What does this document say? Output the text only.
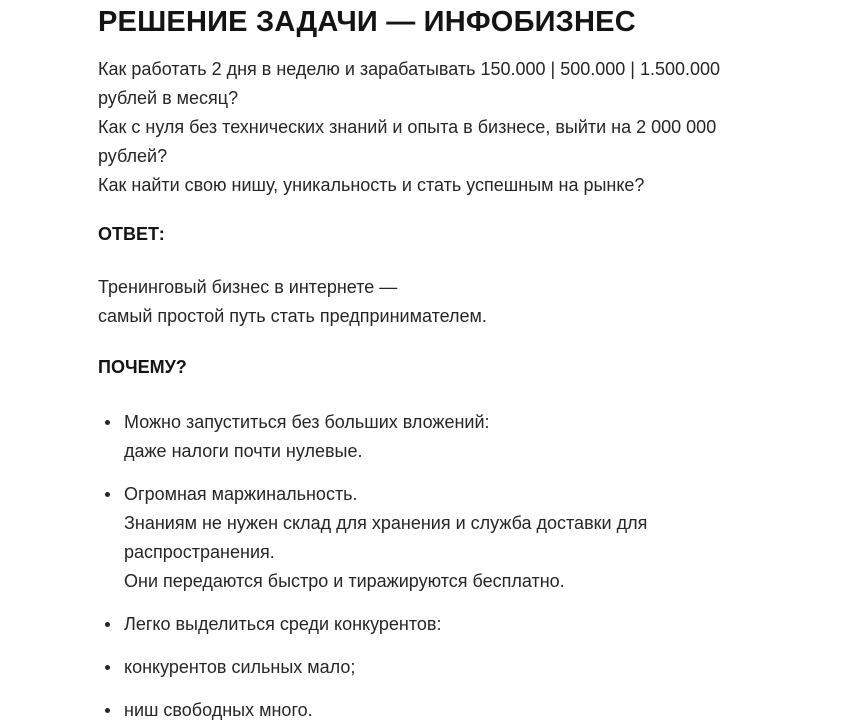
РЕШЕНИЕ ЗАДАЧИ — ИНФОБИЗНЕС
Как работать 2 дня в неделю и зарабатывать 150.000 | 500.000 | 1.500.000
рублей в месяц?
Как с нуля без технических знаний и опыта в бизнесе, выйти на 2 000 000
рублей?
Как найти свою нишу, уникальность и стать успешным на рынке?
ОТВЕТ:
Тренинговый бизнес в интернете —
самый простой путь стать предпринимателем.
ПОЧЕМУ?
Можно запуститься без больших вложений:
даже налоги почти нулевые.
Огромная маржинальность.
Знаниям не нужен склад для хранения и служба доставки для
распространения.
Они передаются быстро и тиражируются бесплатно.
Легко выделиться среди конкурентов:
конкурентов сильных мало;
ниш свободных много.
